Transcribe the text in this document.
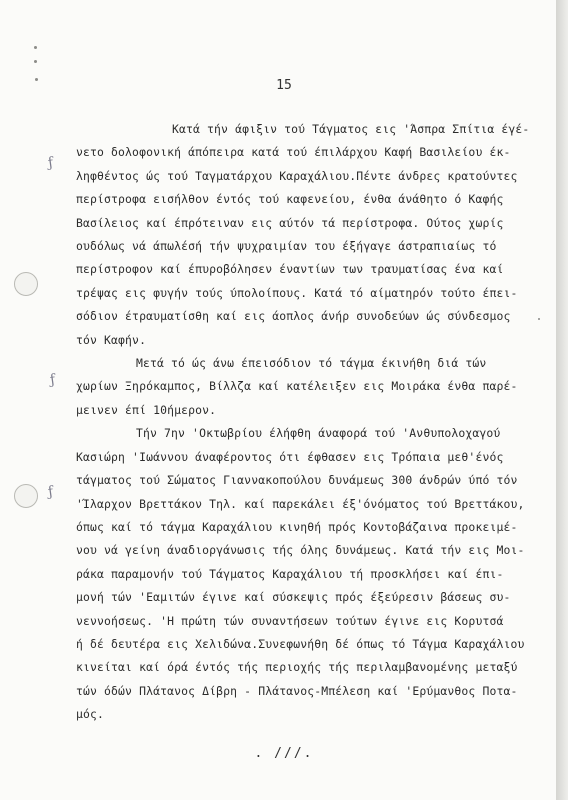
ƒ
ƒ
ƒ
15
Κατά τήν άφιξιν τού Τάγματος εις 'Άσπρα Σπίτια έγέ-
νετο δολοφονική άπόπειρα κατά τού έπιλάρχου Καφή Βασιλείου έκ-
ληφθέντος ώς τού Ταγματάρχου Καραχάλιου.Πέντε άνδρες κρατούντες
περίστροφα εισήλθον έντός τού καφενείου, ένθα άνάθητο ό Καφής
Βασίλειος καί έπρότειναν εις αύτόν τά περίστροφα. Ούτος χωρίς
ουδόλως νά άπωλέσή τήν ψυχραιμίαν του έξήγαγε άστραπιαίως τό
περίστροφον καί έπυροβόλησεν έναντίων των τραυματίσας ένα καί
τρέψας εις φυγήν τούς ύπολοίπους. Κατά τό αίματηρόν τούτο έπει-
σόδιον έτραυματίσθη καί εις άοπλος άνήρ συνοδεύων ώς σύνδεσμος
τόν Καφήν.
Μετά τό ώς άνω έπεισόδιον τό τάγμα έκινήθη διά τών
χωρίων Ξηρόκαμπος, Βίλλζα καί κατέλειξεν εις Μοιράκα ένθα παρέ-
μεινεν έπί 10ήμερον.
Τήν 7ην 'Οκτωβρίου έλήφθη άναφορά τού 'Ανθυπολοχαγού
Κασιώρη 'Ιωάννου άναφέροντος ότι έφθασεν εις Τρόπαια μεθ'ένός
τάγματος τού Σώματος Γιαννακοπούλου δυνάμεως 300 άνδρών ύπό τόν
'Ίλαρχον Βρεττάκον Τηλ. καί παρεκάλει έξ'όνόματος τού Βρεττάκου,
όπως καί τό τάγμα Καραχάλιου κινηθή πρός Κοντοβάζαινα προκειμέ-
νου νά γείνη άναδιοργάνωσις τής όλης δυνάμεως. Κατά τήν εις Μοι-
ράκα παραμονήν τού Τάγματος Καραχάλιου τή προσκλήσει καί έπι-
μονή τών 'Εαμιτών έγινε καί σύσκεψις πρός έξεύρεσιν βάσεως συ-
νεννοήσεως. 'Η πρώτη τών συναντήσεων τούτων έγινε εις Κορυτσά
ή δέ δευτέρα εις Χελιδώνα.Συνεφωνήθη δέ όπως τό Τάγμα Καραχάλιου
κινείται καί όρά έντός τής περιοχής τής περιλαμβανομένης μεταξύ
τών όδών Πλάτανος Δίβρη - Πλάτανος-Μπέλεση καί 'Ερύμανθος Ποτα-
μός.
. ///.
